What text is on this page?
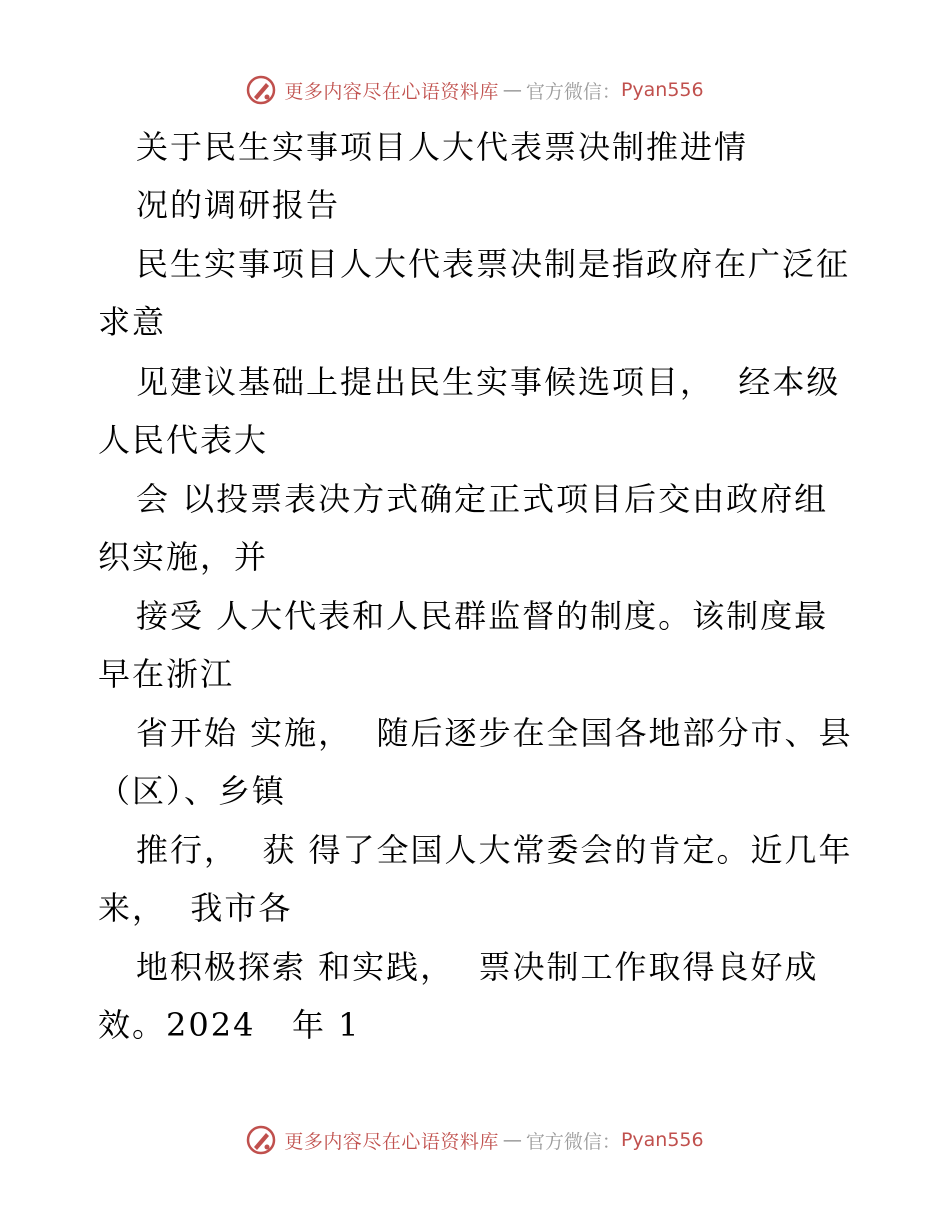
更多内容尽在心语资料库 — 官方微信： Pyan556
关于民生实事项目人大代表票决制推进情
况的调研报告
民生实事项目人大代表票决制是指政府在广泛征
求意
见建议基础上提出民生实事候选项目，  经本级
人民代表大
会 以投票表决方式确定正式项目后交由政府组
织实施，并
接受 人大代表和人民群监督的制度。该制度最
早在浙江
省开始 实施，  随后逐步在全国各地部分市、县
（区）、乡镇
推行，  获 得了全国人大常委会的肯定。近几年
来，  我市各
地积极探索 和实践，  票决制工作取得良好成
效。2024   年 1
更多内容尽在心语资料库 — 官方微信： Pyan556
